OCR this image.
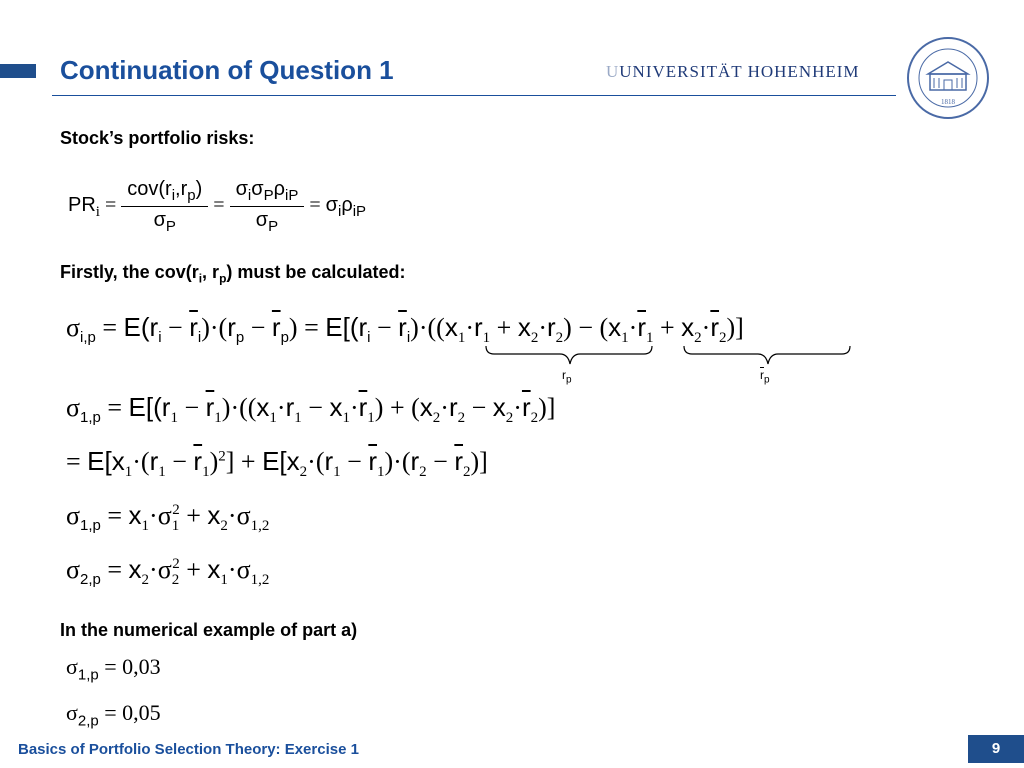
Continuation of Question 1	UUNIVERSITÄT HOHENHEIM
1818
Stock’s portfolio risks:
Firstly, the $cov(r_i$, $r_p$) must be calculated:
In the numerical example of part a)
$PR_i = \frac{cov(r_i,r_p)}{\sigma_P} = \frac{\sigma_i\sigma_P\rho_{iP}}{\sigma_P} = \sigma_i\rho_{iP}$
$\sigma_{i,p} = E(r_i - \overline{r}_i)\cdot(r_p - \overline{r}_p) = E[(r_i - \overline{r}_i)\cdot((x_1\cdot r_1 + x_2\cdot r_2) - (x_1\cdot\overline{r}_1 + x_2\cdot\overline{r}_2)]$
$r_p$	$\overline{r}_p$
$\sigma_{1,p} = E[(r_1 - \overline{r}_1)\cdot((x_1\cdot r_1 - x_1\cdot\overline{r}_1) + (x_2\cdot r_2 - x_2\cdot\overline{r}_2)]$
= $E[x_1\cdot(r_1 - \overline{r}_1)^2] + E[x_2\cdot(r_1 - \overline{r}_1)\cdot(r_2 - \overline{r}_2)]$
$\sigma_{1,p} = x_1\cdot\sigma_1^2 + x_2\cdot\sigma_{1,2}$
$\sigma_{2,p} = x_2\cdot\sigma_2^2 + x_1\cdot\sigma_{1,2}$
$\sigma_{1,p} = 0,03$
$\sigma_{2,p} = 0,05$
Basics of Portfolio Selection Theory: Exercise 1	9
